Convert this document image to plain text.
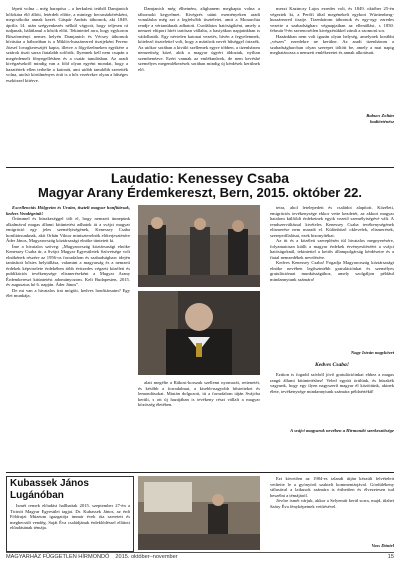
lépett volna – még harapósa – a herkulesi tettből Damjanich hőfokára élő állóit, letérdelt előtte, a mintegy becsmárkérésként, megcsókolta annak kezét. Gáspár András tábornok, aki 1849. április 14. után szégyenkezés nélkül vágyott, hogy teljesen rá tudjanak, hálátlanul a hősök előtt. Tekintettel arra, hogy egykoron Böszörményi nemes helyén Damjanich és Vécsey tábornok hívására a háborúban is a Miklós-huszárezred tisztjeként Ferenc József lovagkeresztjét kapta, illetve a főgyőzelmeken egyikére a sztárok tiszti sarza fiatalabb sofőrök. Ilyennek kell nem csupán a megérdemelt főnyegellésben és a csatár tanulásban. Az aradi kivégzésekről mindig van a föld olyan egyéni mondat, hogy a hazatértek ellen terhelte a katonát, ami utóbb tanulóbb szerették volna, utolsó körülményes órái is a hős vezérekre olyan a hűséges eszközzel kitérve.

Damjanich még élhetném, alighanem megkapta volna a tábornoki kegyelmet. Kivégzés utáni eseményeken aradi vonulásba még azt a legfelsőbb tiszteletet, amit a Monarchia rendje a vértanúknak adhatott. Csodálatos hatóságiként, amely a nemzet eltiport hírét tartósan vállalta, a bastyákon napjainkban is vádolhatók. Egy névtelen katonai vezetés, hívén a fegyelemnek, kötelező tisztelettel volt, hogy a mártírok nevét hűséggel örizzék. Az utókor sorában a kiváló szellemek egyre többen, a tizenhárom nemzetiség közé, akik a magyar ügyért áldoztak, nyíltan szembenézve. Ezért vannak az emlékművek, de nem kevésbé személyes megemlékezések sorában mindig új kérdések kerülnek elő.

mezzi Kazinczy Lajos ezredes volt, és 1849. október 25-én végeztek ki, a Perőfi által megénekelt egykori Württenberg-huszárezred tisztje. Tizenhárom tábornok és egy-egy ezredes vezette a szabadságharc végnapjaiban az ellenállást, s 1850. február 9-én szerencsétlen kivégzésükkel zárult a szomorú sor.

Hazánkban nem volt igazán olyan helység, amelynek korábbi „vészes” ezredekre ne kerülne. Az aradi tizenhárom a szabadságharcban olyan szerepet töltött be, amely a mai napig meghatározza a nemzeti emlékezetet és annak alkotásait.

Babucs Zoltán
hadtörténész
Laudatio: Kenessey Csaba
Magyar Arany Érdemkereszt, Bern, 2015. október 22.

Excellenciás Hölgyeim és Uraim, tisztelt magyar honfitársak, kedves Vendégeink!

Örömmel és büszkeséggel tölt el, hogy nemzeti ünnepünk alkalmával magas állami kitüntetést adhatok át a svájci magyar emigráció egy jeles személyiségének, Kenessey Csaba honfitársunknak, akit Orbán Viktor miniszterelnök előterjesztésére Áder János, Magyarország köztársasági elnöke tüntetett ki.

Íme a hivatalos szöveg: „Magyarország köztársasági elnöke Kenessey Csaba úr, a Svájci Magyar Egyesületek Szövetsége volt elnökének részére az 1956-os forradalom és szabadságharc idején tanúsított hősies helytállása, valamint a magyarság és a nemzeti érdekek képviselete érdekében több évtizedes végzett közéleti és publikációs tevékenysége elismeréseként a Magyar Arany Érdemkereszt kitüntetést adományozom. Kelt Budapesten, 2015. év augusztus hó 6. napján. Áder János”.

De mi van a hivatalos írat mögött, kedves honfitársaim? Egy élet munkája.

alatt megélte a Rákosi-korszak szellemi nyomorát, rettenetét, és később a forradalmat, a kisebb-nagyobb hőstetteket és lemondásokat. Miután dolgozott, itt a forradalom táján Svájcba került, s ott új hazájában is tevékeny részt vállalt a magyar közösség életében.

tetra, ahol letelepedett és családot alapított. Közéleti, emigrációs tevékenysége ekkor vette kezdetét, az akkori magyar hatalom külföldi érdekeinek egyik vezető személyiségévé vált. A rendszerváltással kivételes Kenessey Csaba tevékenységének elismerése nem maradt el. Különböző oklevelek, elismerések, szerepvállalásai, ezek bizonyítékai.

Az itt és a közéleti szereplésén túl hivatalos megnyerésére, folyamatosan kiállt a magyar érdekek érvényesítéséért a svájci hatóságoknál, tekintettel a kettős állampolgárság kérdéseire és a fiatal nemzedékek nevelésére.

Kedves Kenessey Csaba! Fogadja Magyarország köztársasági elnöke nevében legőszintébb gratulációnkat és személyes gratulációmat munkásságához, amely szolgáljon például mindannyiunk számára!

Nagy István nagykövet
Kedves Csaba!

Ezúton is fogadd szívből jövő gratulációinkat ehhez a magas rangú állami kitüntetéshez! Veled együtt örülünk, és büszkék vagyunk, hogy egy ilyen nagyszerű magyar él közöttünk, akinek élete, tevékenysége mindannyiunk számára példaértékű!

A svájci magyarok nevében a Hírmondó szerkesztősége
Kubassek János Lugánóban

Ismét remek előadást hallhattak 2015. szeptember 27-én a Ticinói Magyar Egyesület tagjai. Dr. Kubassek János, az érdi Földrajzi Múzeum igazgatója immár évek óta szeretett és megbecsült vendég. Saját Éva családjának érdeklődéssel ellátott előadásának témája.

Ezt követően az 1984-es izlandi útján készült felvételeit vetítette le a gyönyörű szaktelt kommentárjával. Gördülékeny stílusával a laikusok számára is érthetően és élvezetesen tud beszélni a témájáról.

Jövőre ismét várjuk, akkor a Selyemút kerül sorra, majd, tűzhet Saáry Éva fényképeinek vetítésével.

Vass Dániel
MAGYARHÁZ FÜGGETLEN HÍRMONDÓ	2015. október–november	15
